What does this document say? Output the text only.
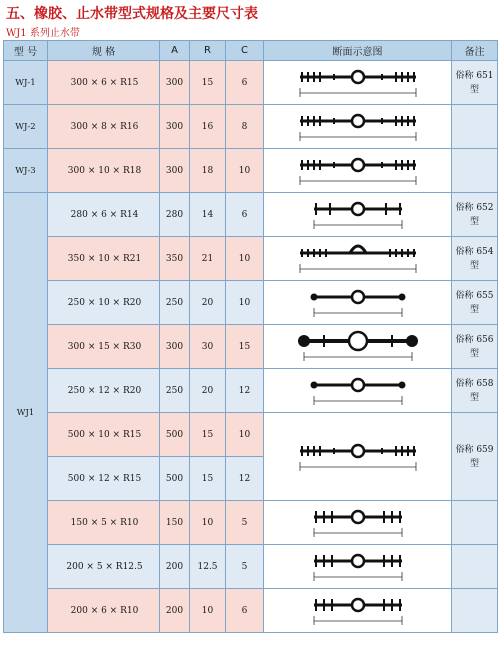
五、橡胶、止水带型式规格及主要尺寸表
WJ1 系列止水带
型 号	规 格	A	R	C	断面示意图	备注
WJ-1	300 × 6 × R15	300	15	6		俗称 651 型
WJ-2	300 × 8 × R16	300	16	8	

WJ-3	300 × 10 × R18	300	18	10	

WJ1	280 × 6 × R14	280	14	6		俗称 652 型
	350 × 10 × R21	350	21	10		俗称 654 型
	250 × 10 × R20	250	20	10		俗称 655 型
	300 × 15 × R30	300	30	15		俗称 656 型
	250 × 12 × R20	250	20	12		俗称 658 型
	500 × 10 × R15	500	15	10		俗称 659 型
	500 × 12 × R15	500	15	12		
	150 × 5 × R10	150	10	5	

	200 × 5 × R12.5	200	12.5	5	

	200 × 6 × R10	200	10	6	
